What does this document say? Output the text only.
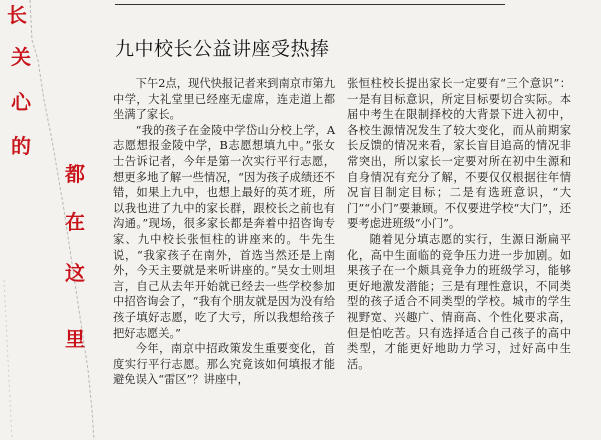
长
关
心
的
都
在
这
里
九中校长公益讲座受热捧

下午2点，现代快报记者来到南京市第九中学，大礼堂里已经座无虚席，连走道上都坐满了家长。

“我的孩子在金陵中学岱山分校上学，A志愿想报金陵中学，B志愿想填九中。”张女士告诉记者，今年是第一次实行平行志愿，想更多地了解一些情况，“因为孩子成绩还不错，如果上九中，也想上最好的英才班，所以我也进了九中的家长群，跟校长之前也有沟通。”现场，很多家长都是奔着中招咨询专家、九中校长张恒柱的讲座来的。牛先生说，“我家孩子在南外，首选当然还是上南外，今天主要就是来听讲座的。”吴女士则坦言，自己从去年开始就已经去一些学校参加中招咨询会了，“我有个朋友就是因为没有给孩子填好志愿，吃了大亏，所以我想给孩子把好志愿关。”

今年，南京中招政策发生重要变化，首度实行平行志愿。那么究竟该如何填报才能避免误入“雷区”？讲座中，

张恒柱校长提出家长一定要有“三个意识”：一是有目标意识，所定目标要切合实际。本届中考生在限制择校的大背景下进入初中，各校生源情况发生了较大变化，而从前期家长反馈的情况来看，家长盲目追高的情况非常突出，所以家长一定要对所在初中生源和自身情况有充分了解，不要仅仅根据往年情况盲目制定目标；二是有选班意识，“大门”“小门”要兼顾。不仅要进学校“大门”，还要考虑进班级“小门”。

随着见分填志愿的实行，生源日渐扁平化，高中生面临的竞争压力进一步加剧。如果孩子在一个颇具竞争力的班级学习，能够更好地激发潜能；三是有理性意识，不同类型的孩子适合不同类型的学校。城市的学生视野宽、兴趣广、情商高、个性化要求高，但是怕吃苦。只有选择适合自己孩子的高中类型，才能更好地助力学习，过好高中生活。
